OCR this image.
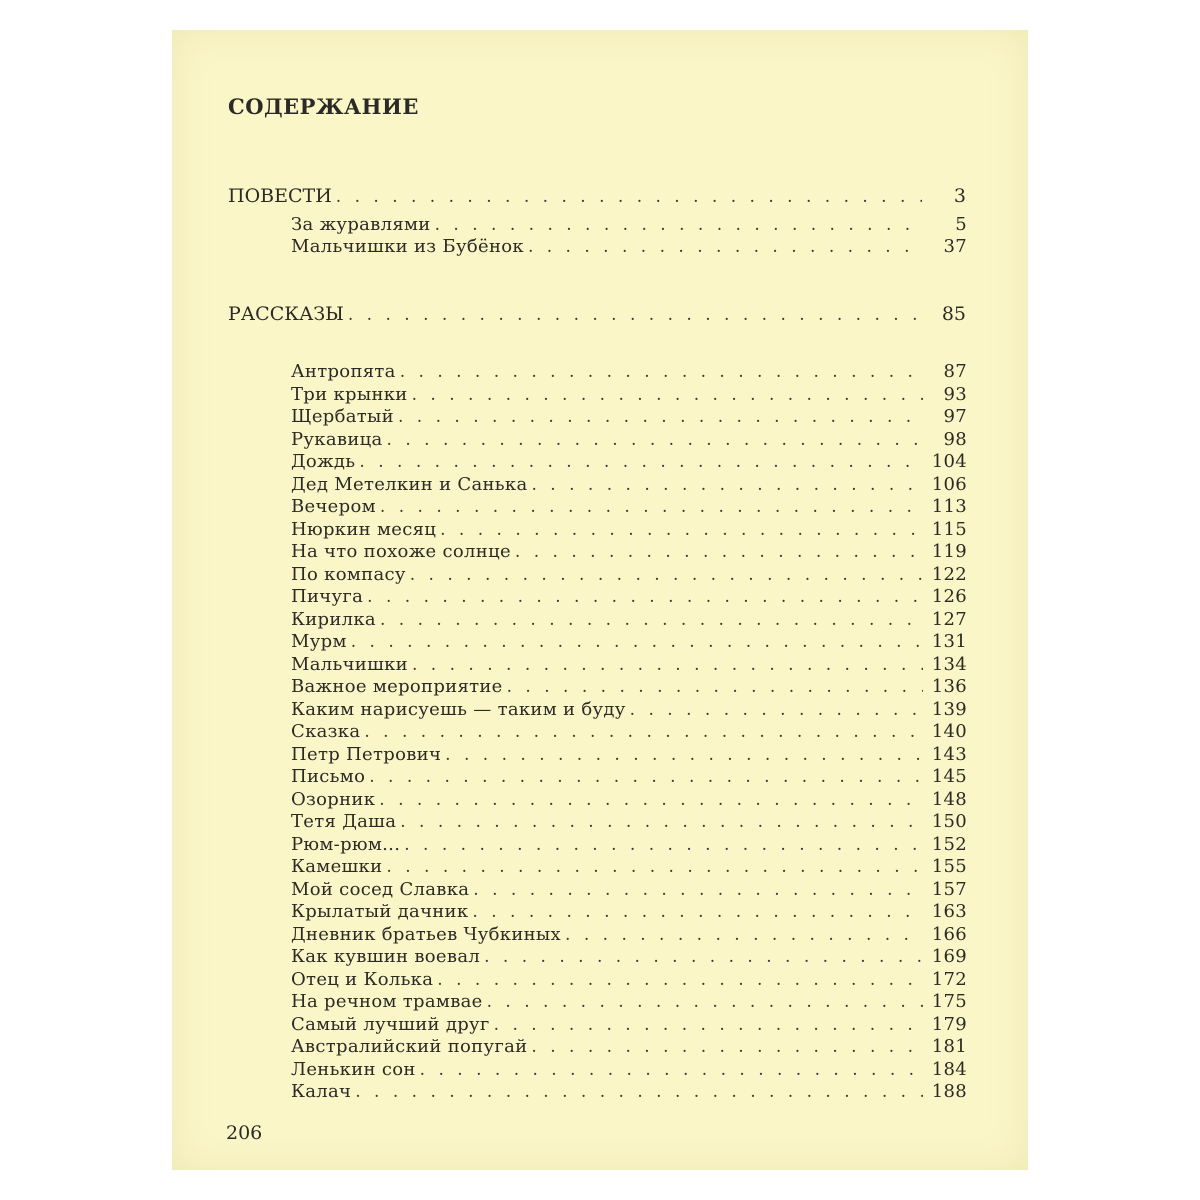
СОДЕРЖАНИЕ
ПОВЕСТИ . . .	3
За журавлями . . .	5
Мальчишки из Бубёнок . . .	37
РАССКАЗЫ . . .	85
Антропята . . .	87
Три крынки . . .	93
Щербатый . . .	97
Рукавица . . .	98
Дождь . . .	104
Дед Метелкин и Санька . . .	106
Вечером . . .	113
Нюркин месяц . . .	115
На что похоже солнце . . .	119
По компасу . . .	122
Пичуга . . .	126
Кирилка . . .	127
Мурм . . .	131
Мальчишки . . .	134
Важное мероприятие . . .	136
Каким нарисуешь — таким и буду . . .	139
Сказка . . .	140
Петр Петрович . . .	143
Письмо . . .	145
Озорник . . .	148
Тетя Даша . . .	150
Рюм-рюм... . . .	152
Камешки . . .	155
Мой сосед Славка . . .	157
Крылатый дачник . . .	163
Дневник братьев Чубкиных . . .	166
Как кувшин воевал . . .	169
Отец и Колька . . .	172
На речном трамвае . . .	175
Самый лучший друг . . .	179
Австралийский попугай . . .	181
Ленькин сон . . .	184
Калач . . .	188
206
